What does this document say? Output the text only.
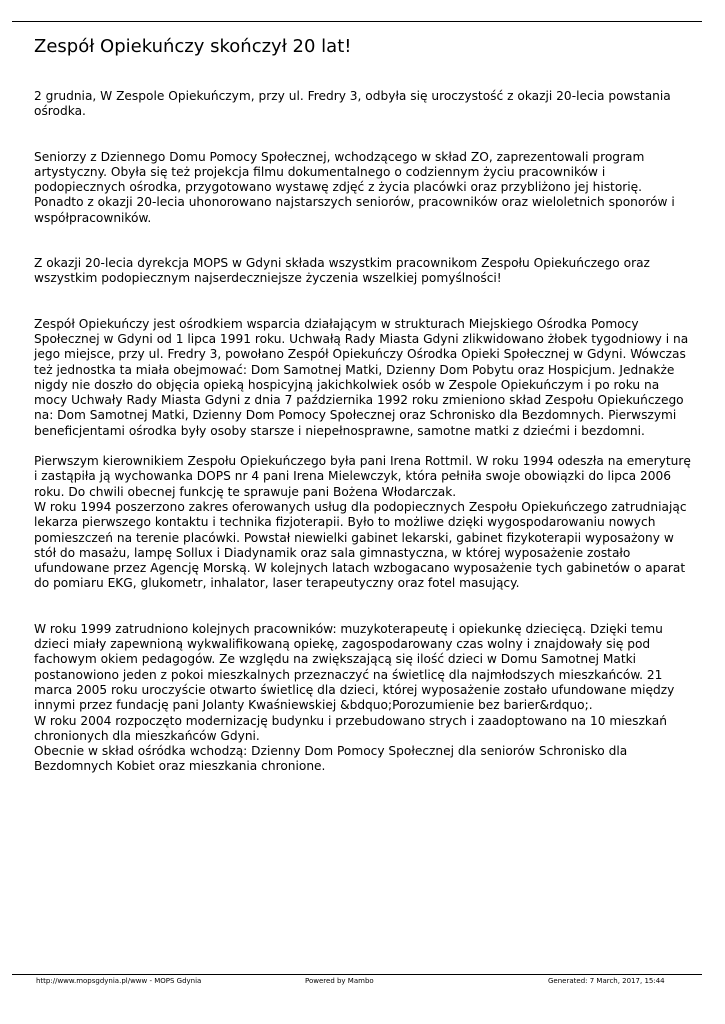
Zespół Opiekuńczy skończył 20 lat!

2 grudnia, W Zespole Opiekuńczym, przy ul. Fredry 3, odbyła się uroczystość z okazji 20-lecia powstania ośrodka.

Seniorzy z Dziennego Domu Pomocy Społecznej, wchodzącego w skład ZO, zaprezentowali program artystyczny. Obyła się też projekcja filmu dokumentalnego o codziennym życiu pracowników i podopiecznych ośrodka, przygotowano wystawę zdjęć z życia placówki oraz przybliżono jej historię. Ponadto z okazji 20-lecia uhonorowano najstarszych seniorów, pracowników oraz wieloletnich sponorów i współpracowników.

Z okazji 20-lecia dyrekcja MOPS w Gdyni składa wszystkim pracownikom Zespołu Opiekuńczego oraz wszystkim podopiecznym najserdeczniejsze życzenia wszelkiej pomyślności!

Zespół Opiekuńczy jest ośrodkiem wsparcia działającym w strukturach Miejskiego Ośrodka Pomocy Społecznej w Gdyni od 1 lipca 1991 roku. Uchwałą Rady Miasta Gdyni zlikwidowano żłobek tygodniowy i na jego miejsce, przy ul. Fredry 3, powołano Zespół Opiekuńczy Ośrodka Opieki Społecznej w Gdyni. Wówczas też jednostka ta miała obejmować: Dom Samotnej Matki, Dzienny Dom Pobytu oraz Hospicjum. Jednakże nigdy nie doszło do objęcia opieką hospicyjną jakichkolwiek osób w Zespole Opiekuńczym i po roku na mocy Uchwały Rady Miasta Gdyni z dnia 7 października 1992 roku zmieniono skład Zespołu Opiekuńczego na: Dom Samotnej Matki, Dzienny Dom Pomocy Społecznej oraz Schronisko dla Bezdomnych. Pierwszymi beneficjentami ośrodka były osoby starsze i niepełnosprawne, samotne matki z dziećmi i bezdomni.

Pierwszym kierownikiem Zespołu Opiekuńczego była pani Irena Rottmil. W roku 1994 odeszła na emeryturę i zastąpiła ją wychowanka DOPS nr 4 pani Irena Mielewczyk, która pełniła swoje obowiązki do lipca 2006 roku. Do chwili obecnej funkcję te sprawuje pani Bożena Włodarczak.

W roku 1994 poszerzono zakres oferowanych usług dla podopiecznych Zespołu Opiekuńczego zatrudniając lekarza pierwszego kontaktu i technika fizjoterapii. Było to możliwe dzięki wygospodarowaniu nowych pomieszczeń na terenie placówki. Powstał niewielki gabinet lekarski, gabinet fizykoterapii wyposażony w stół do masażu, lampę Sollux i Diadynamik oraz sala gimnastyczna, w której wyposażenie zostało ufundowane przez Agencję Morską. W kolejnych latach wzbogacano wyposażenie tych gabinetów o aparat do pomiaru EKG, glukometr, inhalator, laser terapeutyczny oraz fotel masujący.

W roku 1999 zatrudniono kolejnych pracowników: muzykoterapeutę i opiekunkę dziecięcą. Dzięki temu dzieci miały zapewnioną wykwalifikowaną opiekę, zagospodarowany czas wolny i znajdowały się pod fachowym okiem pedagogów. Ze względu na zwiększającą się ilość dzieci w Domu Samotnej Matki postanowiono jeden z pokoi mieszkalnych przeznaczyć na świetlicę dla najmłodszych mieszkańców. 21 marca 2005 roku uroczyście otwarto świetlicę dla dzieci, której wyposażenie zostało ufundowane między innymi przez fundację pani Jolanty Kwaśniewskiej &bdquo;Porozumienie bez barier&rdquo;.

W roku 2004 rozpoczęto modernizację budynku i przebudowano strych i zaadoptowano na 10 mieszkań chronionych dla mieszkańców Gdyni.

Obecnie w skład ośródka wchodzą: Dzienny Dom Pomocy Społecznej dla seniorów Schronisko dla Bezdomnych Kobiet oraz mieszkania chronione.

http://www.mopsgdynia.pl/www - MOPS Gdynia	Powered by Mambo	Generated: 7 March, 2017, 15:44
